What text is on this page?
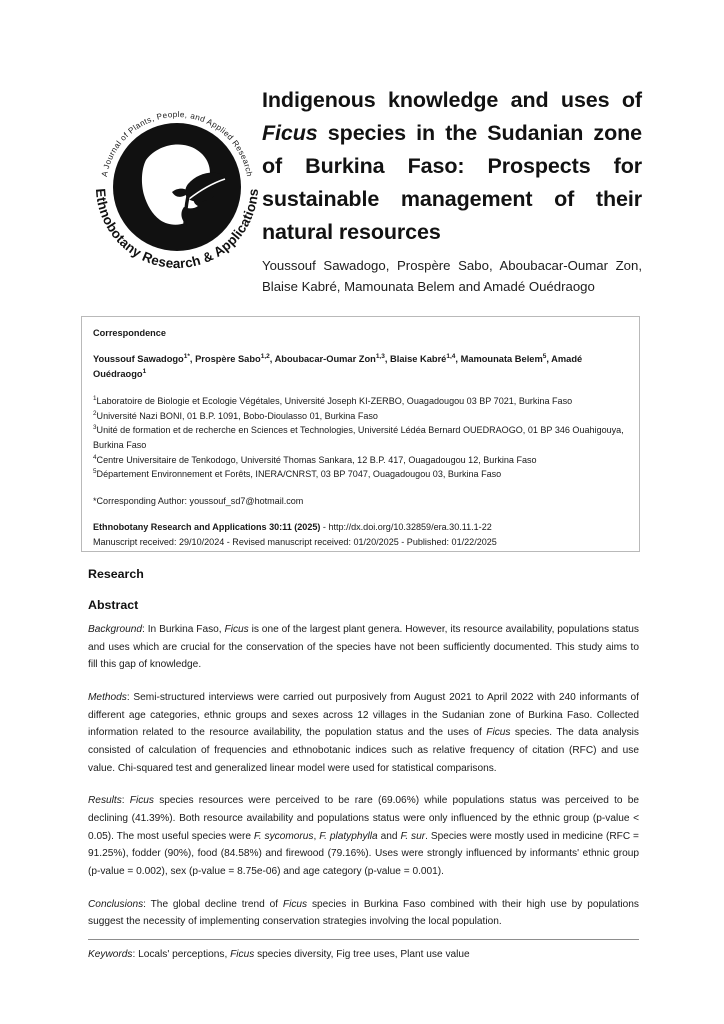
A Journal of Plants, People, and Applied Research
Ethnobotany Research & Applications
Indigenous knowledge and uses of Ficus species in the Sudanian zone of Burkina Faso: Prospects for sustainable management of their natural resources

Youssouf Sawadogo, Prospère Sabo, Aboubacar-Oumar Zon, Blaise Kabré, Mamounata Belem and Amadé Ouédraogo

Correspondence
Youssouf Sawadogo$^{1*}$, Prospère Sabo$^{1,2}$, Aboubacar-Oumar Zon$^{1,3}$, Blaise Kabré$^{1,4}$, Mamounata Belem$^5$, Amadé Ouédraogo$^1$
$^1$Laboratoire de Biologie et Ecologie Végétales, Université Joseph KI-ZERBO, Ouagadougou 03 BP 7021, Burkina Faso
$^2$Université Nazi BONI, 01 B.P. 1091, Bobo-Dioulasso 01, Burkina Faso
$^3$Unité de formation et de recherche en Sciences et Technologies, Université Lédéa Bernard OUEDRAOGO, 01 BP 346 Ouahigouya, Burkina Faso
$^4$Centre Universitaire de Tenkodogo, Université Thomas Sankara, 12 B.P. 417, Ouagadougou 12, Burkina Faso
$^5$Département Environnement et Forêts, INERA/CNRST, 03 BP 7047, Ouagadougou 03, Burkina Faso
*Corresponding Author: youssouf_sd7@hotmail.com
Ethnobotany Research and Applications 30:11 (2025) - http://dx.doi.org/10.32859/era.30.11.1-22
Manuscript received: 29/10/2024 - Revised manuscript received: 01/20/2025 - Published: 01/22/2025
Research
Abstract

Background: In Burkina Faso, Ficus is one of the largest plant genera. However, its resource availability, populations status and uses which are crucial for the conservation of the species have not been sufficiently documented. This study aims to fill this gap of knowledge.

Methods: Semi-structured interviews were carried out purposively from August 2021 to April 2022 with 240 informants of different age categories, ethnic groups and sexes across 12 villages in the Sudanian zone of Burkina Faso. Collected information related to the resource availability, the population status and the uses of Ficus species. The data analysis consisted of calculation of frequencies and ethnobotanic indices such as relative frequency of citation (RFC) and use value. Chi-squared test and generalized linear model were used for statistical comparisons.

Results: Ficus species resources were perceived to be rare (69.06%) while populations status was perceived to be declining (41.39%). Both resource availability and populations status were only influenced by the ethnic group (p-value < 0.05). The most useful species were F. sycomorus, F. platyphylla and F. sur. Species were mostly used in medicine (RFC = 91.25%), fodder (90%), food (84.58%) and firewood (79.16%). Uses were strongly influenced by informants' ethnic group (p-value = 0.002), sex (p-value = 8.75e-06) and age category (p-value = 0.001).

Conclusions: The global decline trend of Ficus species in Burkina Faso combined with their high use by populations suggest the necessity of implementing conservation strategies involving the local population.

Keywords: Locals' perceptions, Ficus species diversity, Fig tree uses, Plant use value
